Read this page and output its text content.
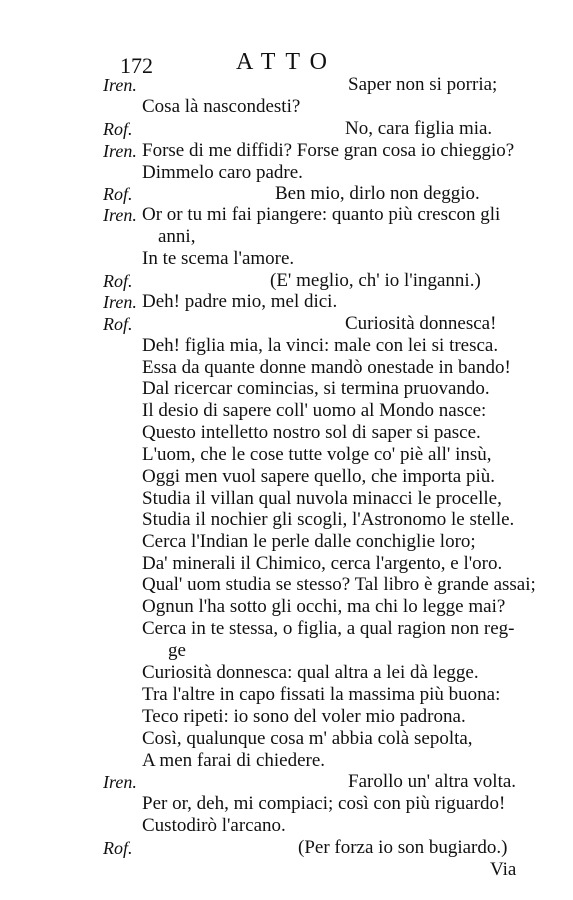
172	ATTO
Iren.	Saper non si porria;
Cosa là nascondesti?
Rof.	No, cara figlia mia.
Iren. Forse di me diffidi? Forse gran cosa io chieggio?
Dimmelo caro padre.
Rof.	Ben mio, dirlo non deggio.
Iren. Or or tu mi fai piangere: quanto più crescon gli
anni,
In te scema l'amore.
Rof.	(E' meglio, ch' io l'inganni.)
Iren. Deh! padre mio, mel dici.
Rof.	Curiosità donnesca!
Deh! figlia mia, la vinci: male con lei si tresca.
Essa da quante donne mandò onestade in bando!
Dal ricercar comincias, si termina pruovando.
Il desio di sapere coll' uomo al Mondo nasce:
Questo intelletto nostro sol di saper si pasce.
L'uom, che le cose tutte volge co' piè all' insù,
Oggi men vuol sapere quello, che importa più.
Studia il villan qual nuvola minacci le procelle,
Studia il nochier gli scogli, l'Astronomo le stelle.
Cerca l'Indian le perle dalle conchiglie loro;
Da' minerali il Chimico, cerca l'argento, e l'oro.
Qual' uom studia se stesso? Tal libro è grande assai;
Ognun l'ha sotto gli occhi, ma chi lo legge mai?
Cerca in te stessa, o figlia, a qual ragion non reg-
ge
Curiosità donnesca: qual altra a lei dà legge.
Tra l'altre in capo fissati la massima più buona:
Teco ripeti: io sono del voler mio padrona.
Così, qualunque cosa m' abbia colà sepolta,
A men farai di chiedere.
Iren.	Farollo un' altra volta.
Per or, deh, mi compiaci; così con più riguardo!
Custodirò l'arcano.
Rof.	(Per forza io son bugiardo.)
Via
